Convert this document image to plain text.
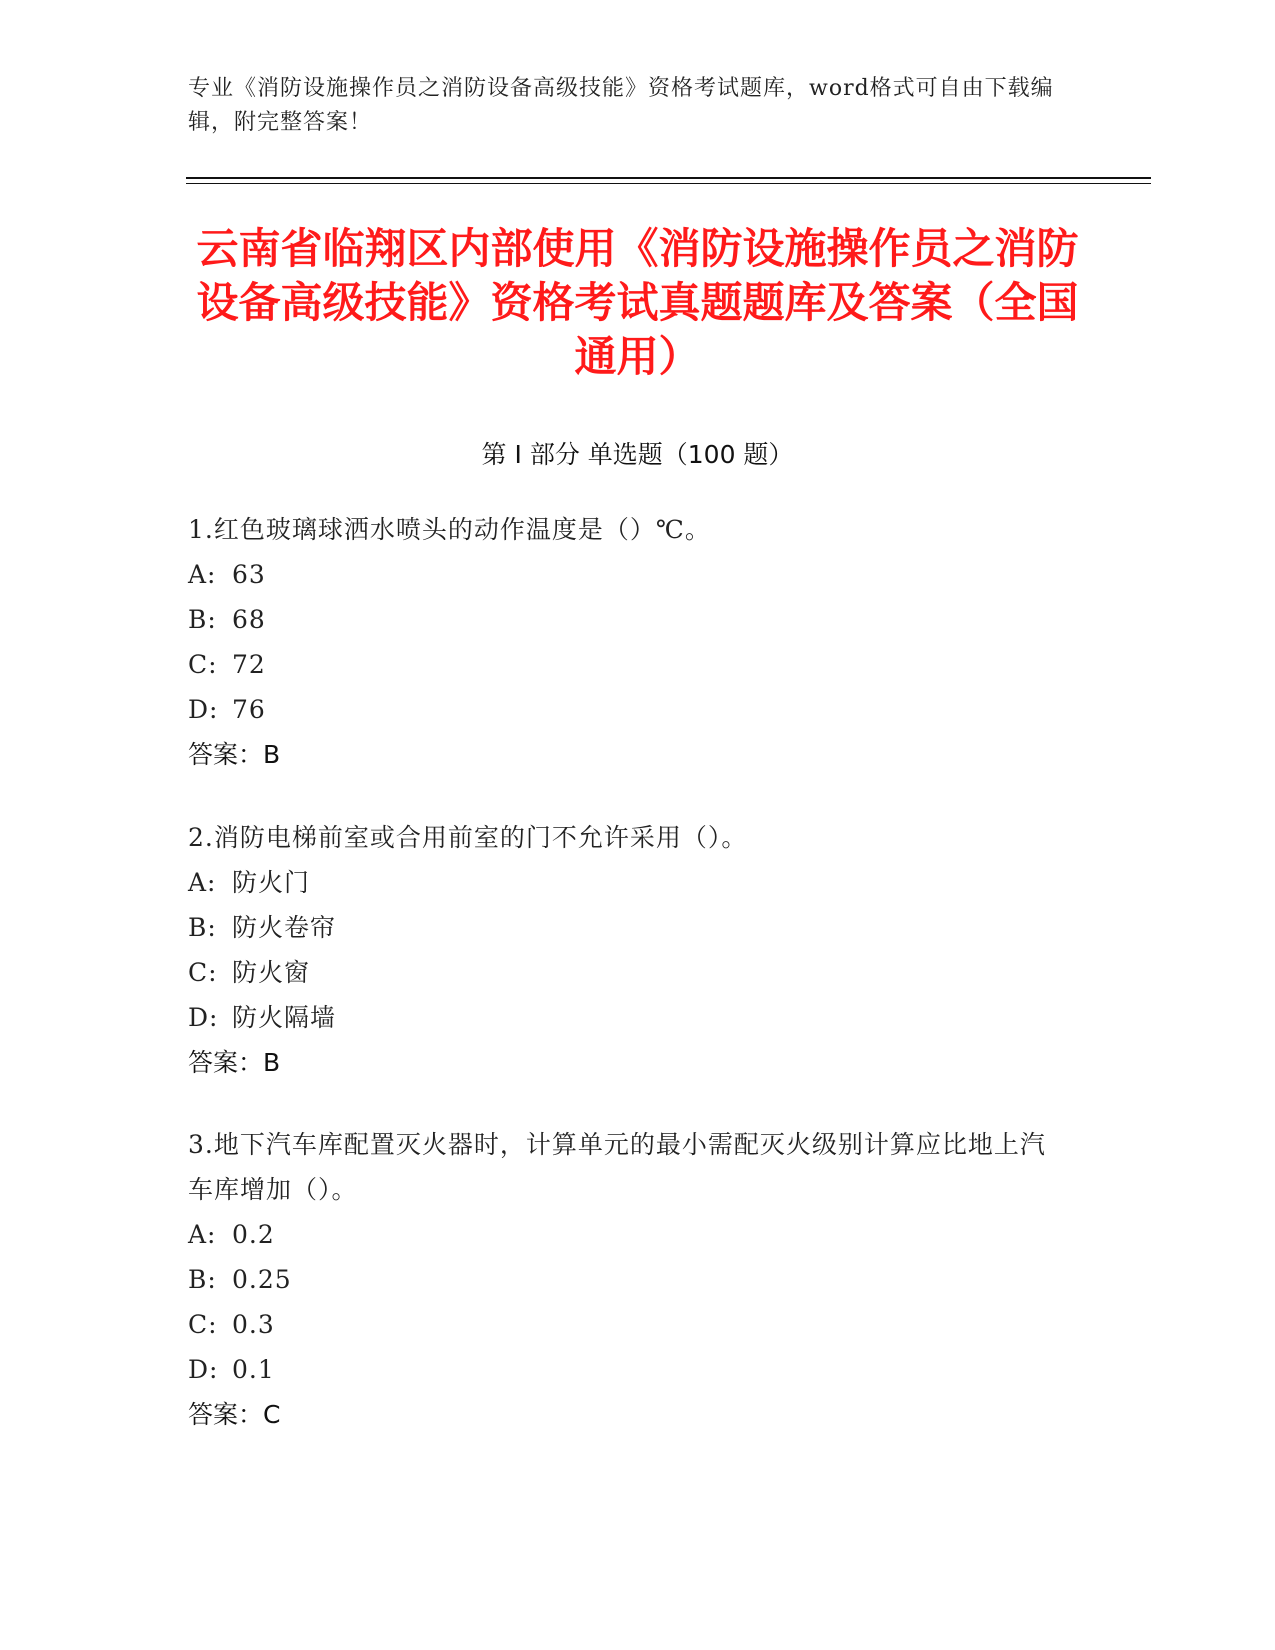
专业《消防设施操作员之消防设备高级技能》资格考试题库，word格式可自由下载编辑，附完整答案！
云南省临翔区内部使用《消防设施操作员之消防设备高级技能》资格考试真题题库及答案（全国通用）
第 I 部分 单选题（100 题）
1.红色玻璃球洒水喷头的动作温度是（）℃。
A: 63
B: 68
C: 72
D: 76
答案：B
2.消防电梯前室或合用前室的门不允许采用（）。
A: 防火门
B: 防火卷帘
C: 防火窗
D: 防火隔墙
答案：B
3.地下汽车库配置灭火器时，计算单元的最小需配灭火级别计算应比地上汽车库增加（）。
A: 0.2
B: 0.25
C: 0.3
D: 0.1
答案：C
